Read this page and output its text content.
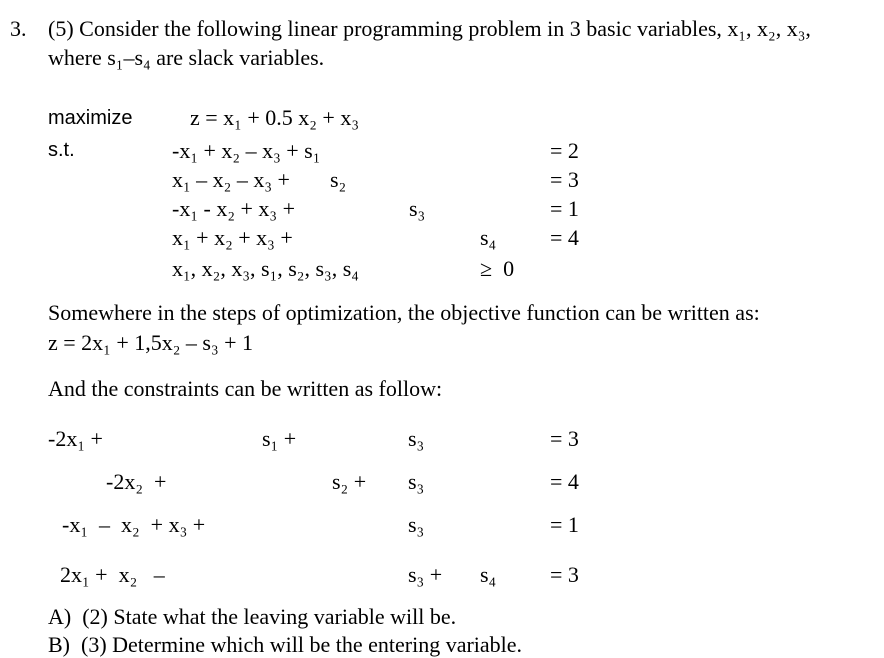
3. (5) Consider the following linear programming problem in 3 basic variables, x₁, x₂, x₃,
where s₁–s₄ are slack variables.
maximize	z = x₁ + 0.5 x₂ + x₃
s.t.	-x₁ + x₂ – x₃ + s₁	= 2
x₁ – x₂ – x₃ + s₂	= 3
-x₁ - x₂ + x₃ +	s₃	= 1
x₁ + x₂ + x₃ +	s₄ = 4
x₁, x₂, x₃, s₁, s₂, s₃, s₄	≥  0
Somewhere in the steps of optimization, the objective function can be written as:
z = 2x₁ + 1,5x₂ – s₃ + 1
And the constraints can be written as follow:
-2x₁ +	s₁ +	s₃	= 3
-2x₂  +	s₂ + s₃	= 4
-x₁  –  x₂  + x₃ +	s₃	= 1
2x₁ +  x₂   –	s₃ + s₄ = 3
A)  (2) State what the leaving variable will be.
B)  (3) Determine which will be the entering variable.
